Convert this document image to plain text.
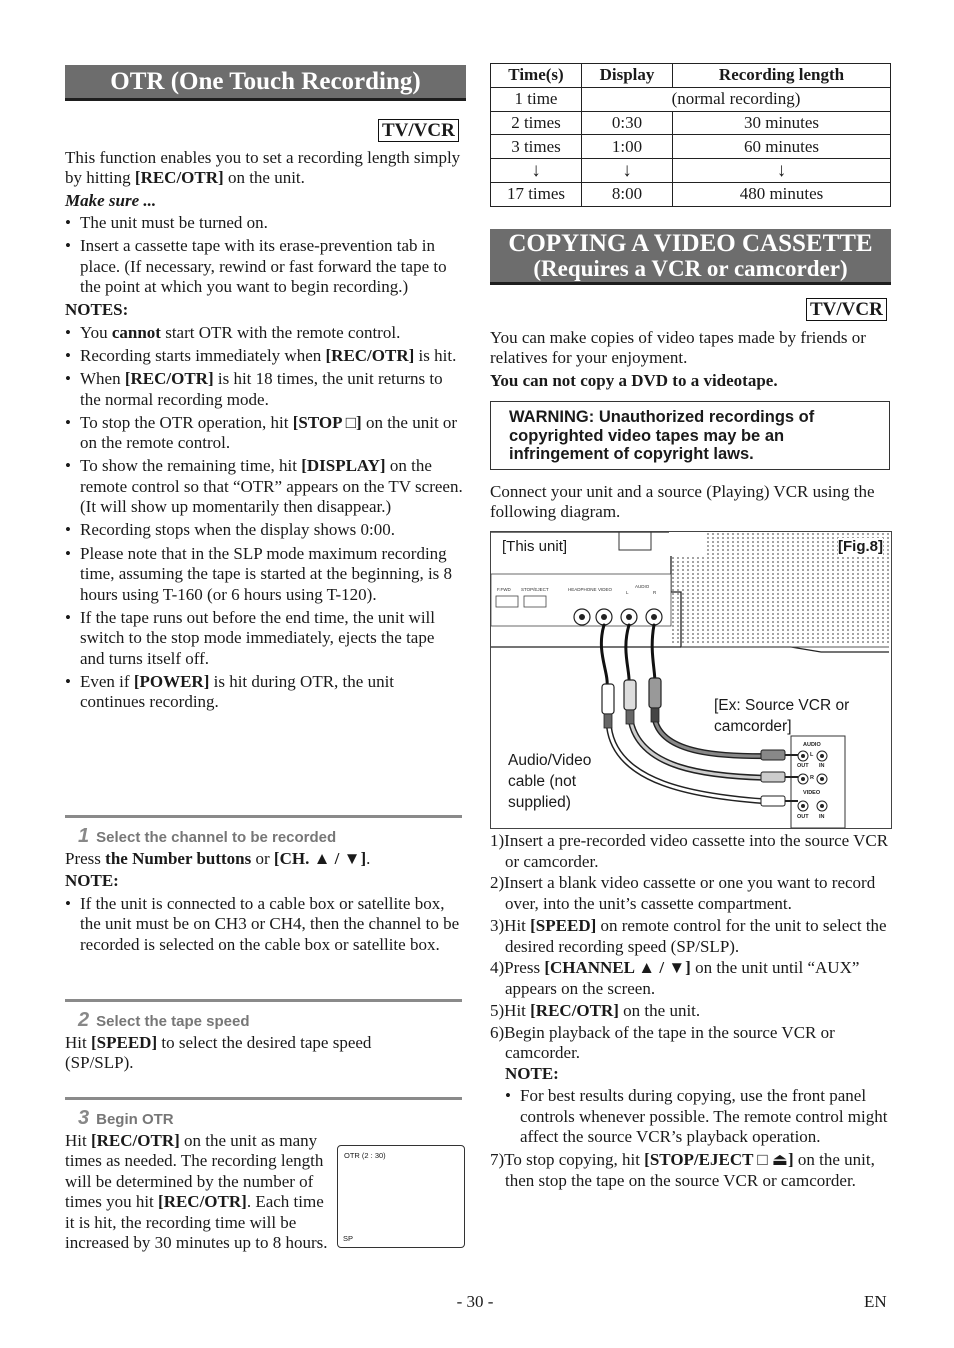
OTR (One Touch Recording)
TV/VCR

This function enables you to set a recording length simply by hitting [REC/OTR] on the unit.

Make sure ...

• The unit must be turned on.
• Insert a cassette tape with its erase-prevention tab in place. (If necessary, rewind or fast forward the tape to the point at which you want to begin recording.)

NOTES:

• You cannot start OTR with the remote control.
• Recording starts immediately when [REC/OTR] is hit.
• When [REC/OTR] is hit 18 times, the unit returns to the normal recording mode.
• To stop the OTR operation, hit [STOP □] on the unit or on the remote control.
• To show the remaining time, hit [DISPLAY] on the remote control so that “OTR” appears on the TV screen. (It will show up momentarily then disappear.)
• Recording stops when the display shows 0:00.
• Please note that in the SLP mode maximum recording time, assuming the tape is started at the beginning, is 8 hours using T-160 (or 6 hours using T-120).
• If the tape runs out before the end time, the unit will switch to the stop mode immediately, ejects the tape and turns itself off.
• Even if [POWER] is hit during OTR, the unit continues recording.
1 Select the channel to be recorded

Press the Number buttons or [CH. ▲ / ▼].

NOTE:

• If the unit is connected to a cable box or satellite box, the unit must be on CH3 or CH4, then the channel to be recorded is selected on the cable box or satellite box.
2 Select the tape speed

Hit [SPEED] to select the desired tape speed (SP/SLP).

3 Begin OTR

Hit [REC/OTR] on the unit as many times as needed. The recording length will be determined by the number of times you hit [REC/OTR]. Each time it is hit, the recording time will be increased by 30 minutes up to 8 hours.

OTR (2 : 30)
SP
Time(s)	Display	Recording length
1 time	(normal recording)	
2 times	0:30	30 minutes
3 times	1:00	60 minutes
↓	↓	↓
17 times	8:00	480 minutes
COPYING A VIDEO CASSETTE
(Requires a VCR or camcorder)
TV/VCR

You can make copies of video tapes made by friends or relatives for your enjoyment.

You can not copy a DVD to a videotape.

WARNING: Unauthorized recordings of copyrighted video tapes may be an infringement of copyright laws.

Connect your unit and a source (Playing) VCR using the following diagram.

[This unit]	[Fig.8]
F.FWD STOP/EJECT	HEADPHONE VIDEO
AUDIO
L	R
[Ex: Source VCR or camcorder]
Audio/Video cable (not supplied)
AUDIO
L
OUT IN
R
VIDEO
OUT IN
1)Insert a pre-recorded video cassette into the source VCR or camcorder.
2)Insert a blank video cassette or one you want to record over, into the unit’s cassette compartment.
3)Hit [SPEED] on remote control for the unit to select the desired recording speed (SP/SLP).
4)Press [CHANNEL ▲ / ▼] on the unit until “AUX” appears on the screen.
5)Hit [REC/OTR] on the unit.
6)Begin playback of the tape in the source VCR or camcorder.

NOTE:

• For best results during copying, use the front panel controls whenever possible. The remote control might affect the source VCR’s playback operation.
7)To stop copying, hit [STOP/EJECT □ ⏏] on the unit, then stop the tape on the source VCR or camcorder.
- 30 -	EN
